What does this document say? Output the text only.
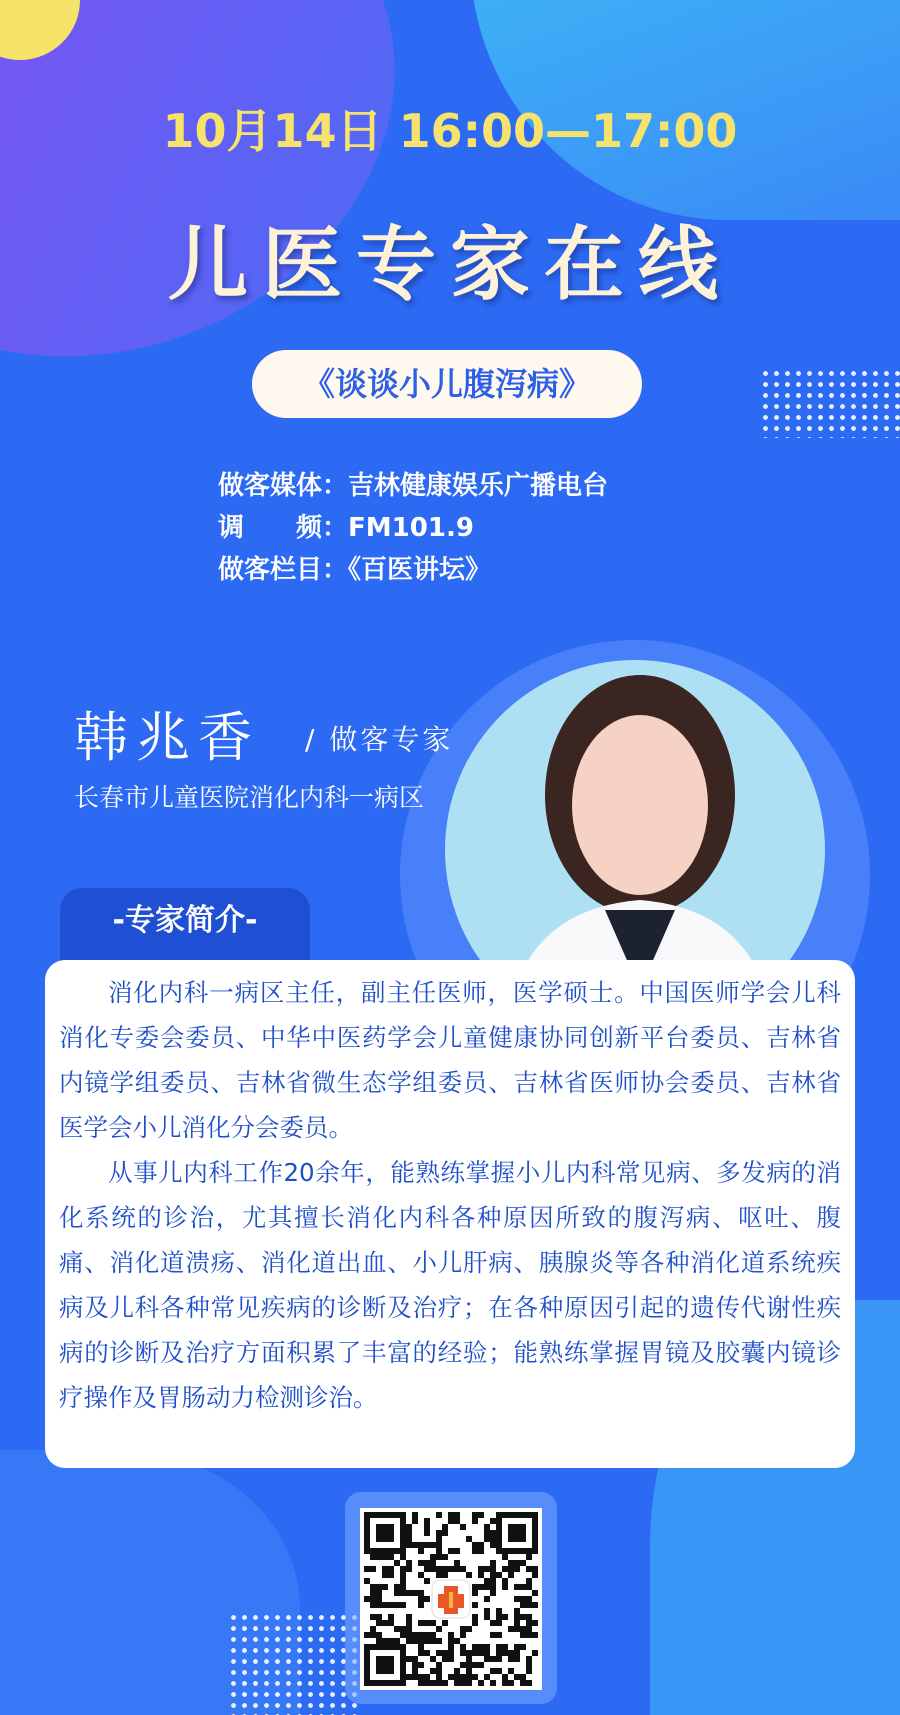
10月14日 16:00—17:00
儿医专家在线
《谈谈小儿腹泻病》
做客媒体：吉林健康娱乐广播电台
调　　频：FM101.9
做客栏目：《百医讲坛》
韩兆香 / 做客专家
长春市儿童医院消化内科一病区
-专家简介-

消化内科一病区主任，副主任医师，医学硕士。中国医师学会儿科消化专委会委员、中华中医药学会儿童健康协同创新平台委员、吉林省内镜学组委员、吉林省微生态学组委员、吉林省医师协会委员、吉林省医学会小儿消化分会委员。

从事儿内科工作20余年，能熟练掌握小儿内科常见病、多发病的消化系统的诊治，尤其擅长消化内科各种原因所致的腹泻病、呕吐、腹痛、消化道溃疡、消化道出血、小儿肝病、胰腺炎等各种消化道系统疾病及儿科各种常见疾病的诊断及治疗；在各种原因引起的遗传代谢性疾病的诊断及治疗方面积累了丰富的经验；能熟练掌握胃镜及胶囊内镜诊疗操作及胃肠动力检测诊治。
